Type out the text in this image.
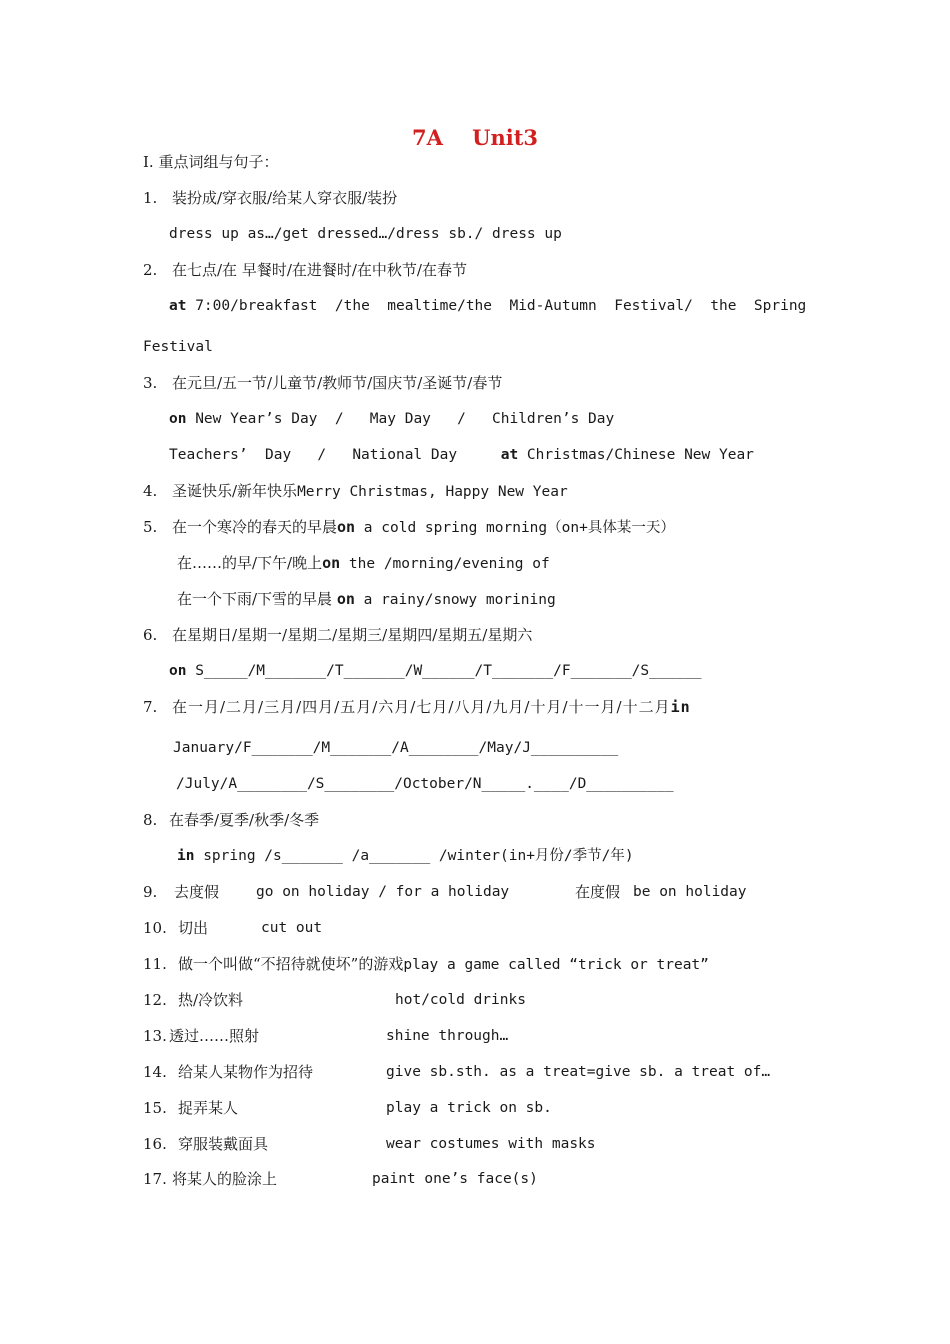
7A    Unit3
I. 重点词组与句子：
1. 装扮成/穿衣服/给某人穿衣服/装扮
dress up as…/get dressed…/dress sb./ dress up
2. 在七点/在 早餐时/在进餐时/在中秋节/在春节
at 7:00/breakfast  /the  mealtime/the  Mid-Autumn  Festival/  the  Spring
Festival
3. 在元旦/五一节/儿童节/教师节/国庆节/圣诞节/春节
on New Year’s Day  /   May Day   /   Children’s Day
Teachers’  Day   /   National Day     at Christmas/Chinese New Year
4. 圣诞快乐/新年快乐Merry Christmas, Happy New Year
5. 在一个寒冷的春天的早晨on a cold spring morning（on+具体某一天）
在……的早/下午/晚上on the /morning/evening of
在一个下雨/下雪的早晨 on a rainy/snowy morining
6. 在星期日/星期一/星期二/星期三/星期四/星期五/星期六
on S_____/M_______/T_______/W______/T_______/F_______/S______
7. 在一月/二月/三月/四月/五月/六月/七月/八月/九月/十月/十一月/十二月in
January/F_______/M_______/A________/May/J__________
/July/A________/S________/October/N_____.____/D__________
8. 在春季/夏季/秋季/冬季
in spring /s_______ /a_______ /winter(in+月份/季节/年)
9. 去度假	go on holiday / for a holiday	在度假 be on holiday
10. 切出	cut out
11. 做一个叫做“不招待就使坏”的游戏play a game called “trick or treat”
12. 热/冷饮料	hot/cold drinks
13. 透过……照射	shine through…
14. 给某人某物作为招待	give sb.sth. as a treat=give sb. a treat of…
15. 捉弄某人	play a trick on sb.
16. 穿服装戴面具	wear costumes with masks
17. 将某人的脸涂上	paint one’s face(s)
